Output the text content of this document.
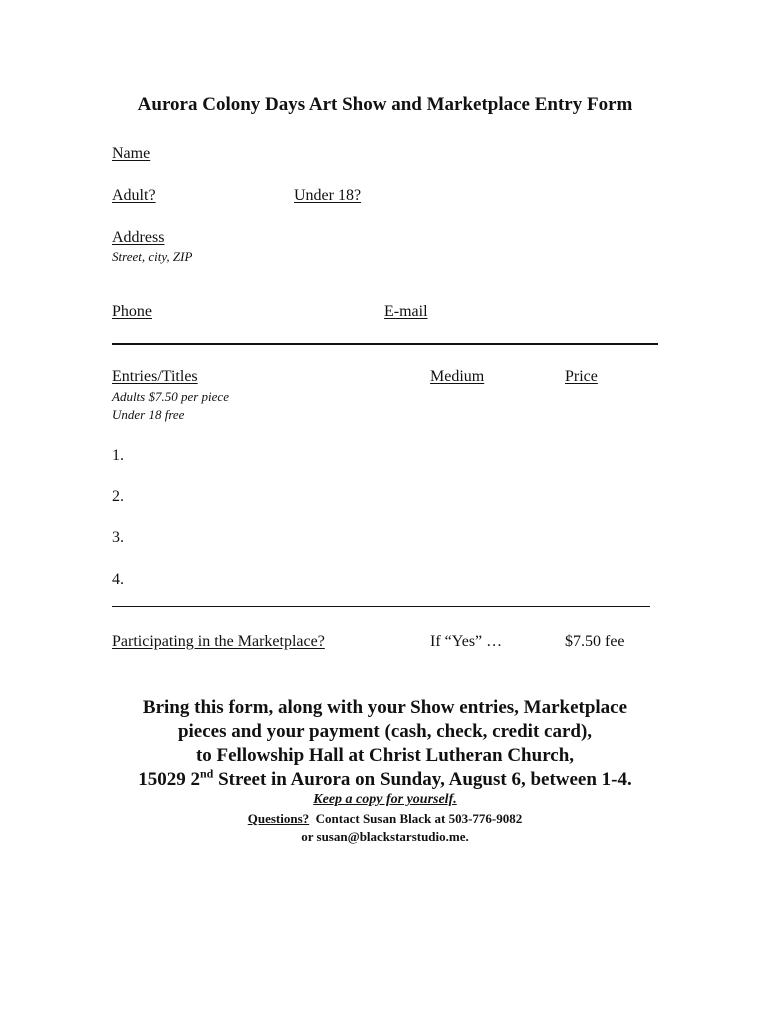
Aurora Colony Days Art Show and Marketplace Entry Form
Name
Adult?	Under 18?
Address
Street, city, ZIP
Phone	E-mail
Entries/Titles	Medium	Price
Adults $7.50 per piece
Under 18 free
1.
2.
3.
4.
Participating in the Marketplace?	If “Yes” …	$7.50 fee
Bring this form, along with your Show entries, Marketplace
pieces and your payment (cash, check, credit card),
to Fellowship Hall at Christ Lutheran Church,
15029 2nd Street in Aurora on Sunday, August 6, between 1-4.
Keep a copy for yourself.
Questions?  Contact Susan Black at 503-776-9082
or susan@blackstarstudio.me.
